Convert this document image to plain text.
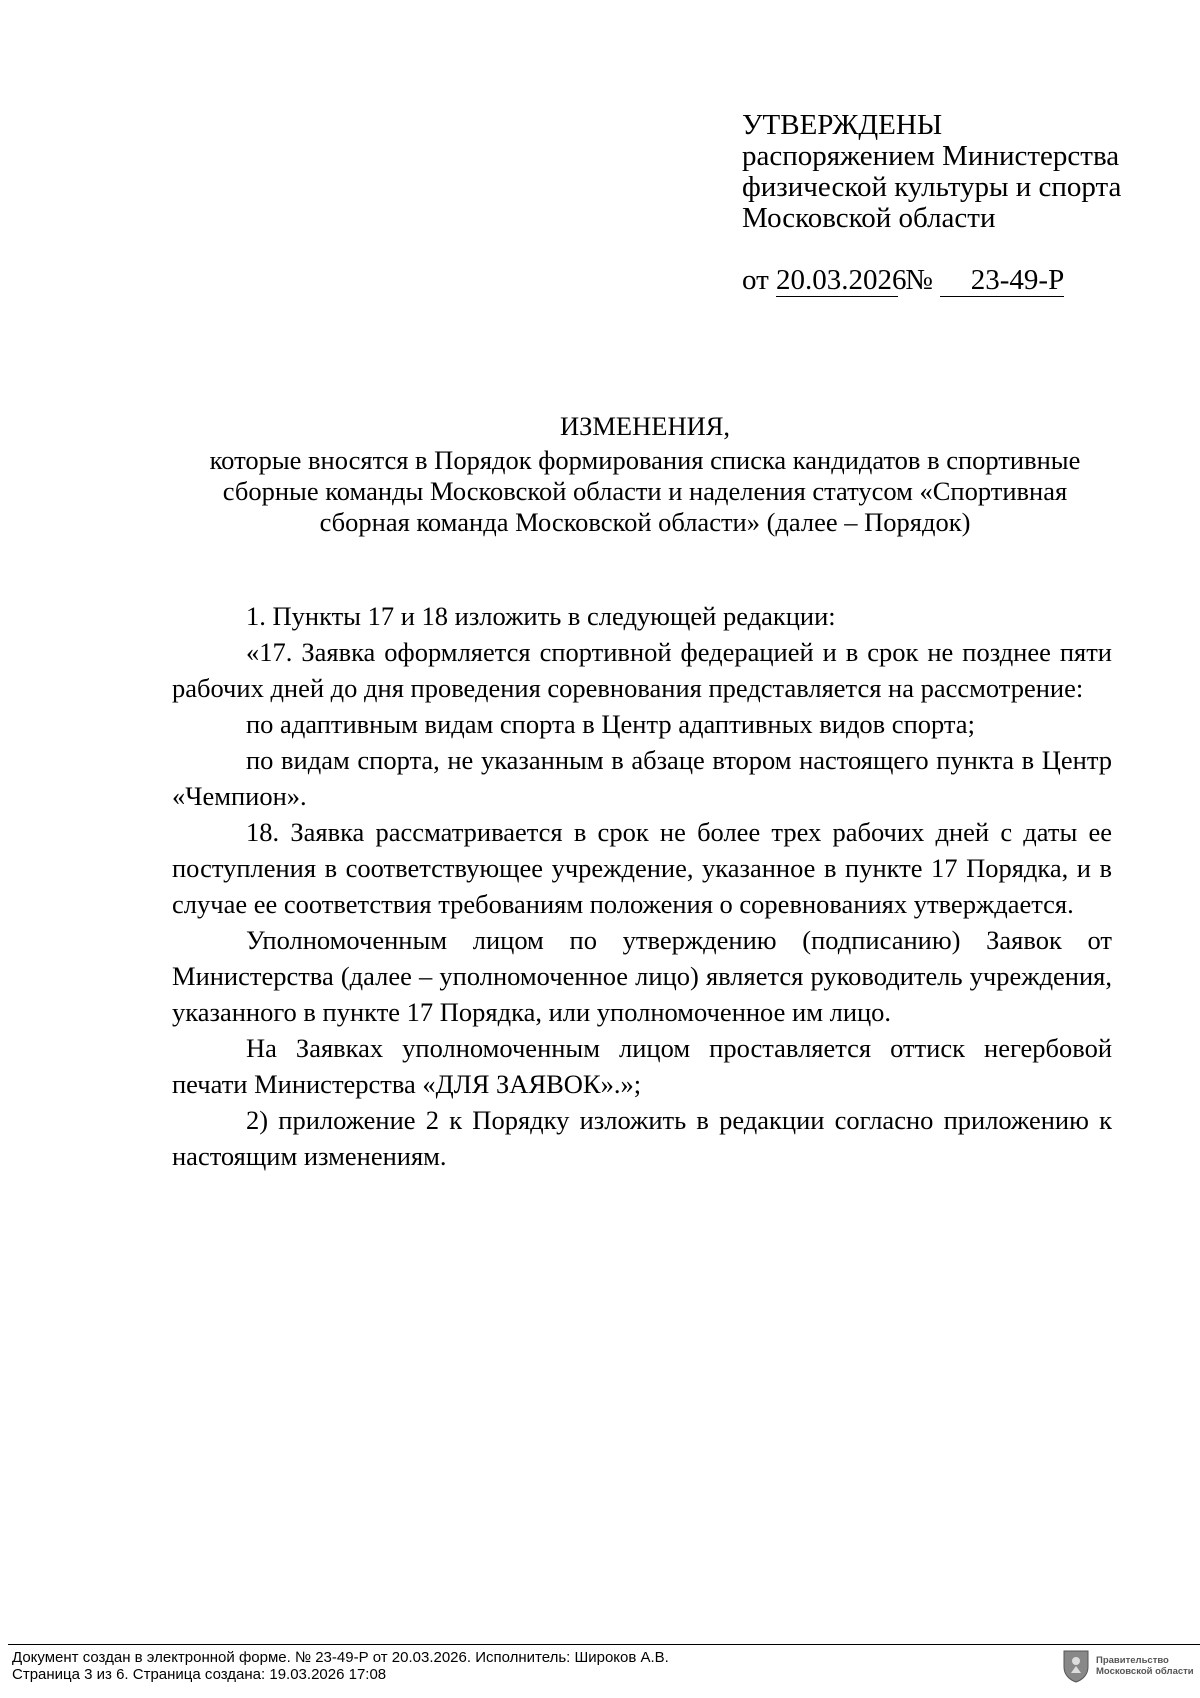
УТВЕРЖДЕНЫ
распоряжением Министерства
физической культуры и спорта
Московской области
от 20.03.2026 № 23-49-Р
ИЗМЕНЕНИЯ,
которые вносятся в Порядок формирования списка кандидатов в спортивные
сборные команды Московской области и наделения статусом «Спортивная
сборная команда Московской области» (далее – Порядок)

1. Пункты 17 и 18 изложить в следующей редакции:

«17. Заявка оформляется спортивной федерацией и в срок не позднее пяти рабочих дней до дня проведения соревнования представляется на рассмотрение:

по адаптивным видам спорта в Центр адаптивных видов спорта;

по видам спорта, не указанным в абзаце втором настоящего пункта в Центр «Чемпион».

18. Заявка рассматривается в срок не более трех рабочих дней с даты ее поступления в соответствующее учреждение, указанное в пункте 17 Порядка, и в случае ее соответствия требованиям положения о соревнованиях утверждается.

Уполномоченным лицом по утверждению (подписанию) Заявок от Министерства (далее – уполномоченное лицо) является руководитель учреждения, указанного в пункте 17 Порядка, или уполномоченное им лицо.

На Заявках уполномоченным лицом проставляется оттиск негербовой печати Министерства «ДЛЯ ЗАЯВОК».»;

2) приложение 2 к Порядку изложить в редакции согласно приложению к настоящим изменениям.

Документ создан в электронной форме. № 23-49-Р от 20.03.2026. Исполнитель: Широков А.В.
Страница 3 из 6. Страница создана: 19.03.2026 17:08
Правительство
Московской области
